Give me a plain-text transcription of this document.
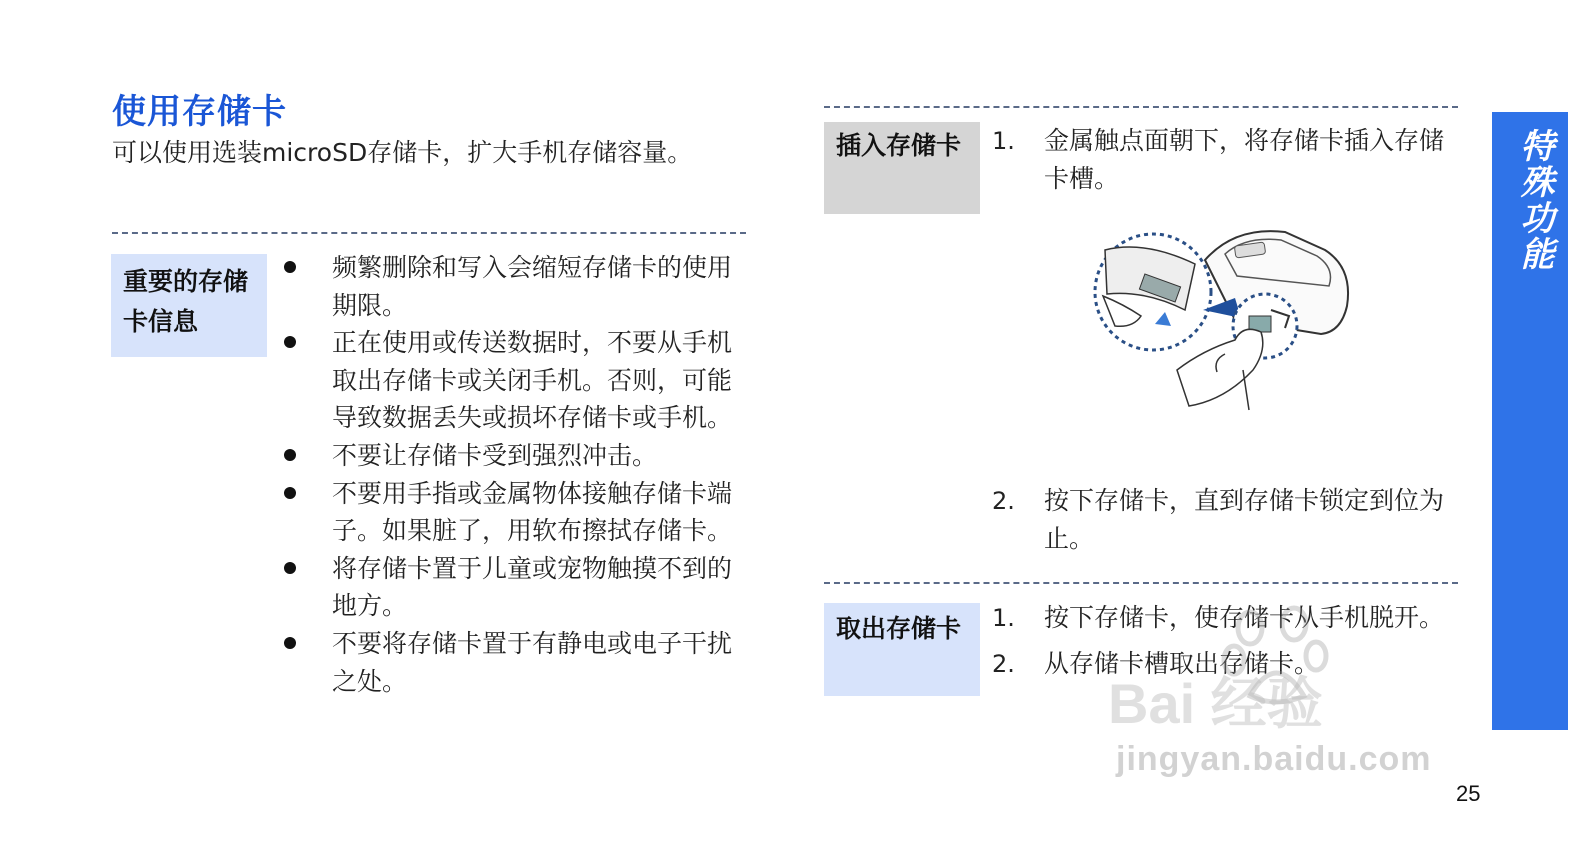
使用存储卡
可以使用选装microSD存储卡，扩大手机存储容量。
重要的存储卡信息
频繁删除和写入会缩短存储卡的使用期限。
正在使用或传送数据时，不要从手机取出存储卡或关闭手机。否则，可能导致数据丢失或损坏存储卡或手机。
不要让存储卡受到强烈冲击。
不要用手指或金属物体接触存储卡端子。如果脏了，用软布擦拭存储卡。
将存储卡置于儿童或宠物触摸不到的地方。
不要将存储卡置于有静电或电子干扰之处。
插入存储卡	1. 金属触点面朝下，将存储卡插入存储卡槽。
2. 按下存储卡，直到存储卡锁定到位为止。
取出存储卡	1. 按下存储卡，使存储卡从手机脱开。
2. 从存储卡槽取出存储卡。
特殊功能
Bai 经验
jingyan.baidu.com
25
